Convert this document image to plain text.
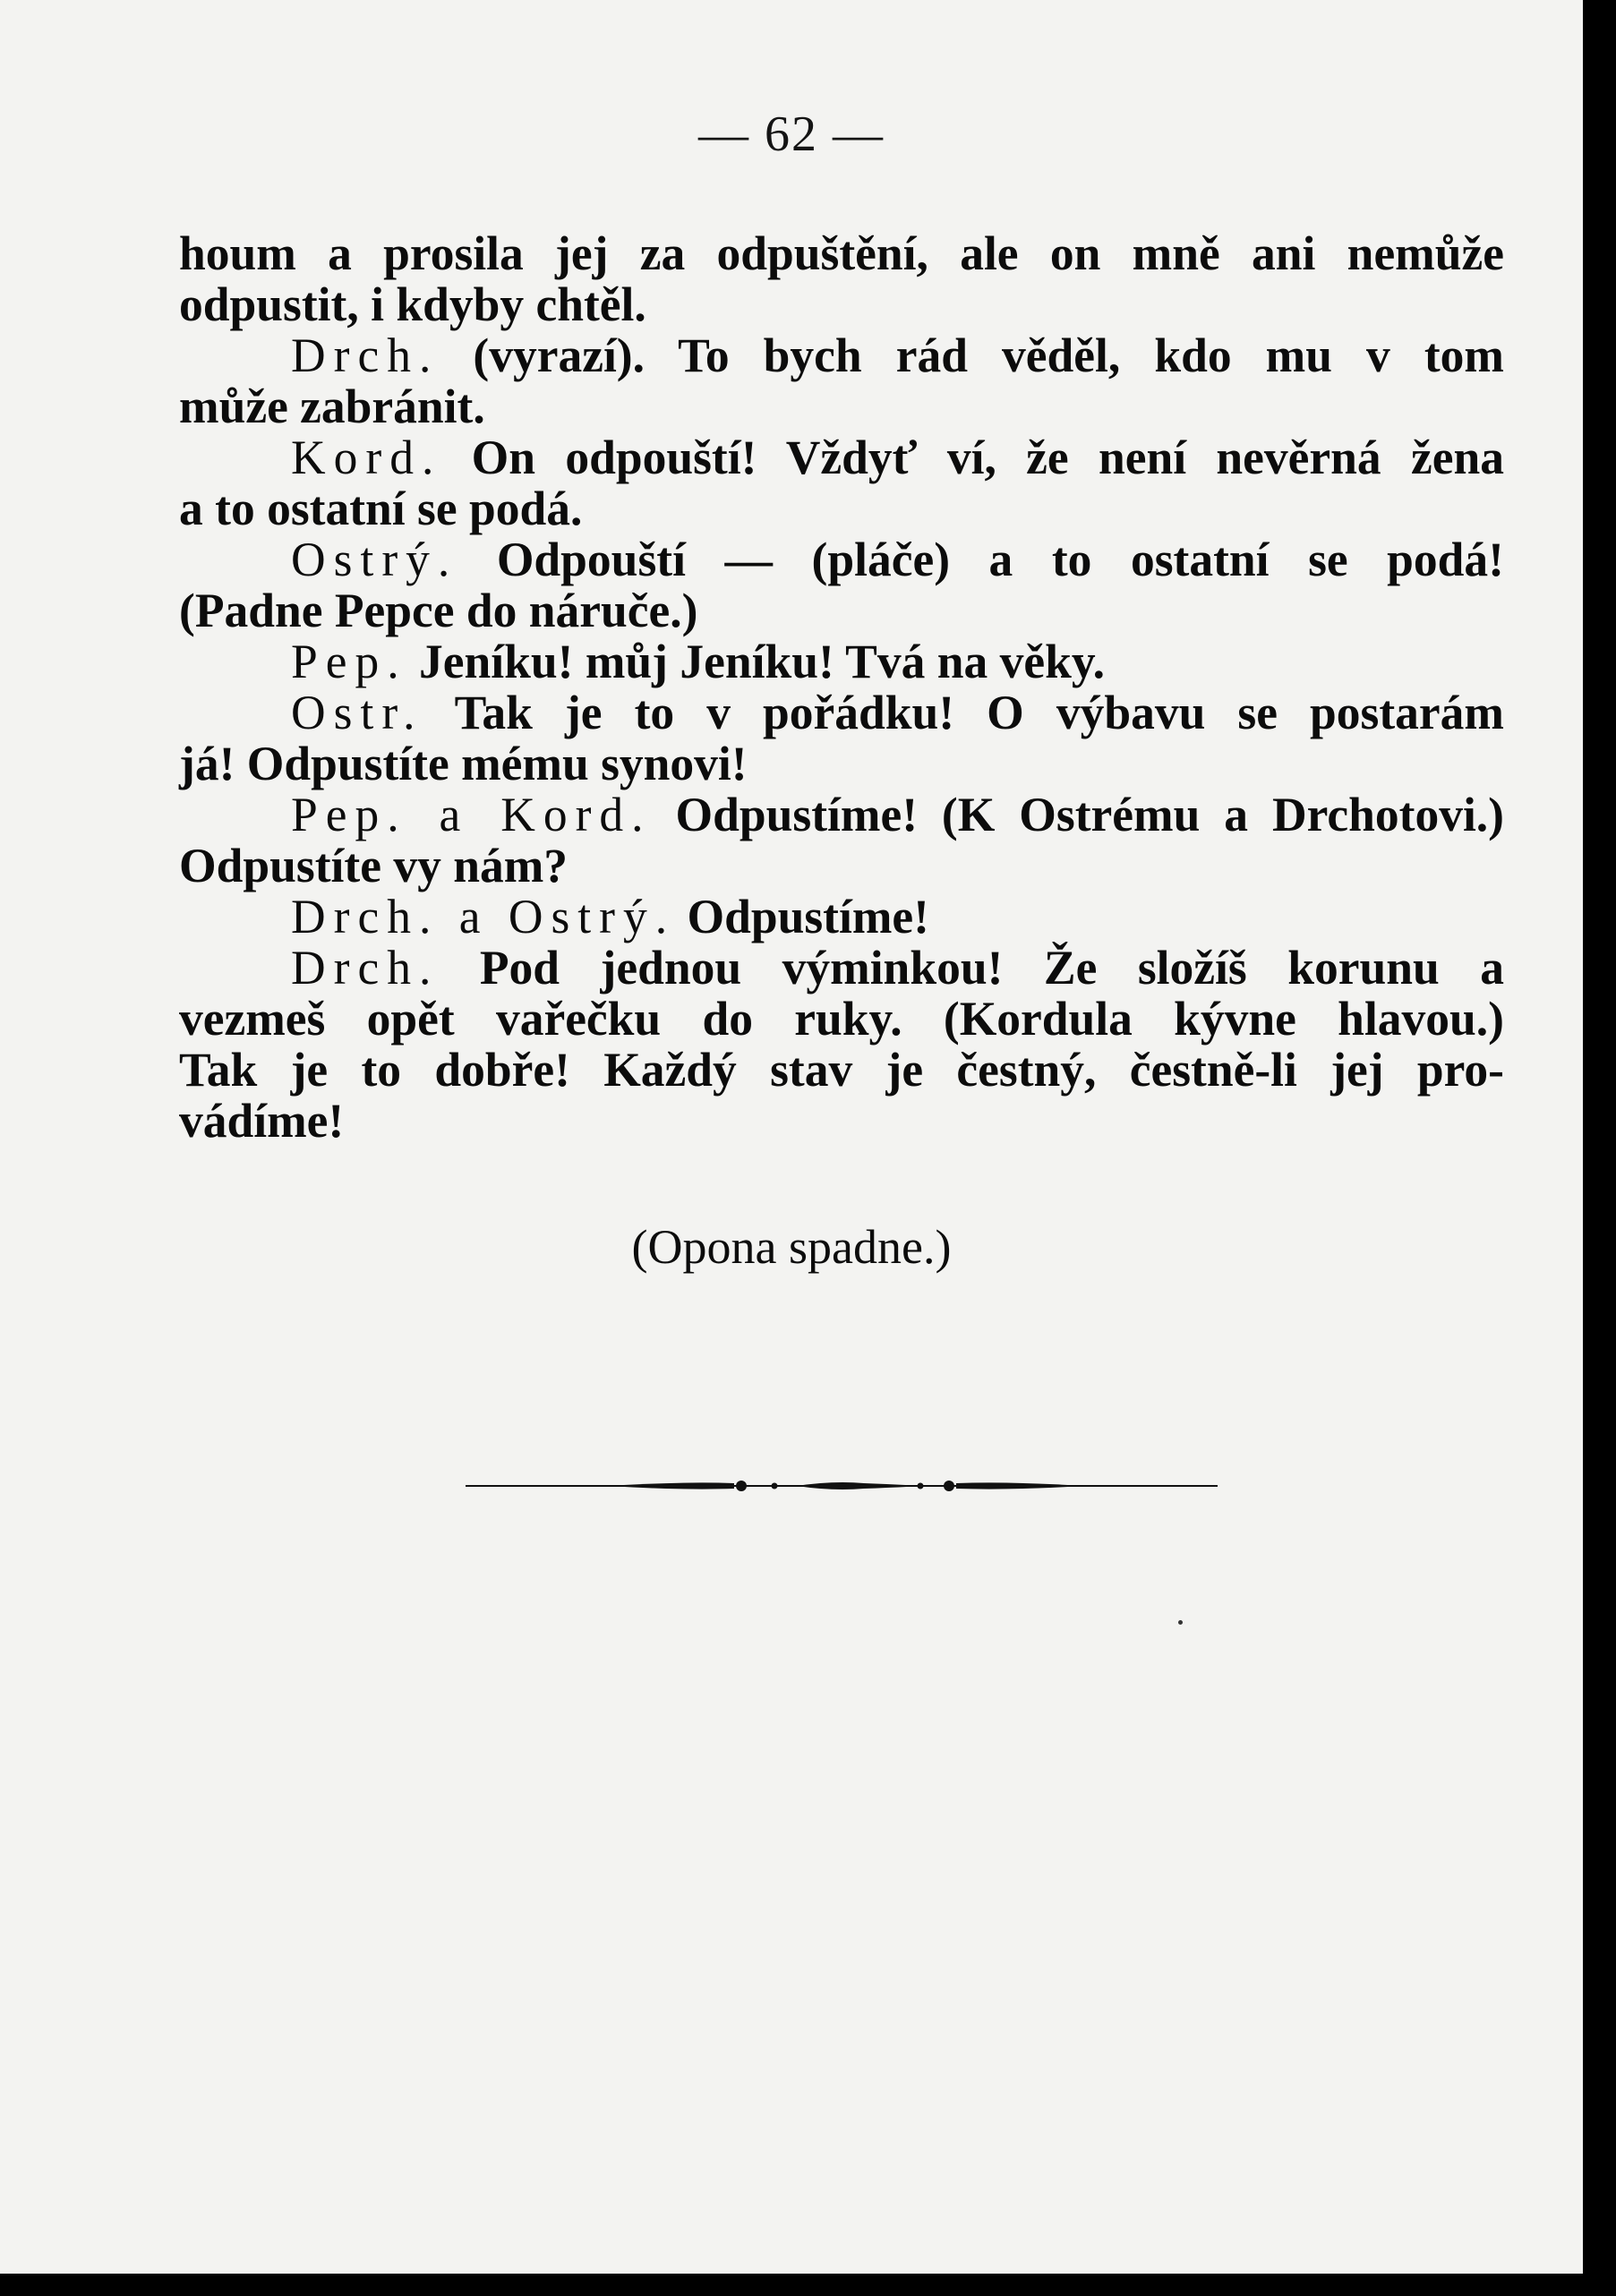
— 62 —
houm a prosila jej za odpuštění, ale on mně ani nemůže
odpustit, i kdyby chtěl.
Drch. (vyrazí). To bych rád věděl, kdo mu v tom
může zabránit.
Kord. On odpouští! Vždyť ví, že není nevěrná žena
a to ostatní se podá.
Ostrý. Odpouští — (pláče) a to ostatní se podá!
(Padne Pepce do náruče.)
Pep. Jeníku! můj Jeníku! Tvá na věky.
Ostr. Tak je to v pořádku! O výbavu se postarám
já! Odpustíte mému synovi!
Pep. a Kord. Odpustíme! (K Ostrému a Drchotovi.)
Odpustíte vy nám?
Drch. a Ostrý. Odpustíme!
Drch. Pod jednou výminkou! Že složíš korunu a
vezmeš opět vařečku do ruky. (Kordula kývne hlavou.)
Tak je to dobře! Každý stav je čestný, čestně-li jej pro-
vádíme!
(Opona spadne.)
